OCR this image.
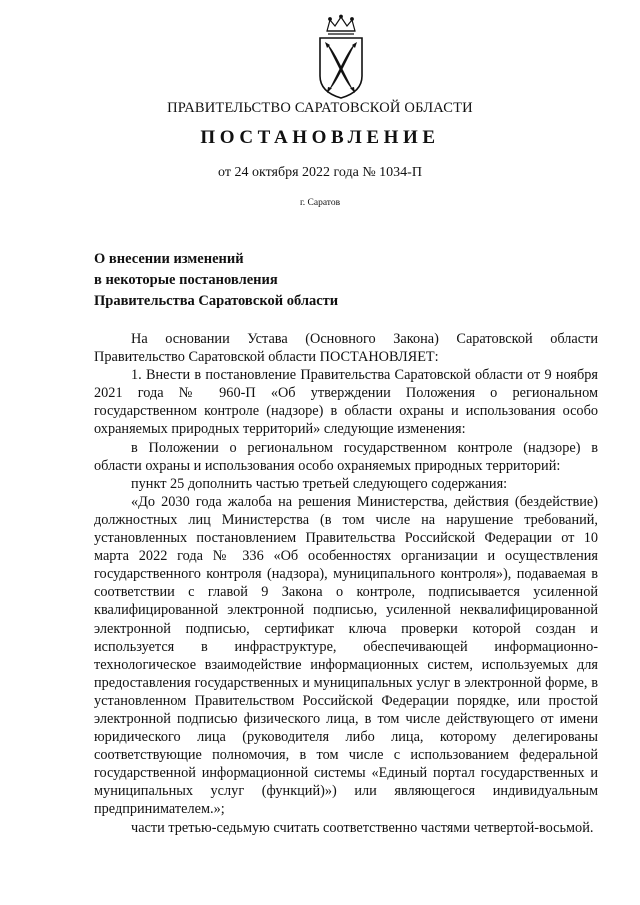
ПРАВИТЕЛЬСТВО САРАТОВСКОЙ ОБЛАСТИ
ПОСТАНОВЛЕНИЕ
от 24 октября 2022 года № 1034-П
г. Саратов
О внесении изменений
в некоторые постановления
Правительства Саратовской области

На основании Устава (Основного Закона) Саратовской области Правительство Саратовской области ПОСТАНОВЛЯЕТ:

1. Внести в постановление Правительства Саратовской области от 9 ноября 2021 года № 960-П «Об утверждении Положения о региональном государственном контроле (надзоре) в области охраны и использования особо охраняемых природных территорий» следующие изменения:

в Положении о региональном государственном контроле (надзоре) в области охраны и использования особо охраняемых природных территорий:

пункт 25 дополнить частью третьей следующего содержания:

«До 2030 года жалоба на решения Министерства, действия (бездействие) должностных лиц Министерства (в том числе на нарушение требований, установленных постановлением Правительства Российской Федерации от 10 марта 2022 года № 336 «Об особенностях организации и осуществления государственного контроля (надзора), муниципального контроля»), подаваемая в соответствии с главой 9 Закона о контроле, подписывается усиленной квалифицированной электронной подписью, усиленной неквалифицированной электронной подписью, сертификат ключа проверки которой создан и используется в инфраструктуре, обеспечивающей информационно-технологическое взаимодействие информационных систем, используемых для предоставления государственных и муниципальных услуг в электронной форме, в установленном Правительством Российской Федерации порядке, или простой электронной подписью физического лица, в том числе действующего от имени юридического лица (руководителя либо лица, которому делегированы соответствующие полномочия, в том числе с использованием федеральной государственной информационной системы «Единый портал государственных и муниципальных услуг (функций)») или являющегося индивидуальным предпринимателем.»;

части третью-седьмую считать соответственно частями четвертой-восьмой.
